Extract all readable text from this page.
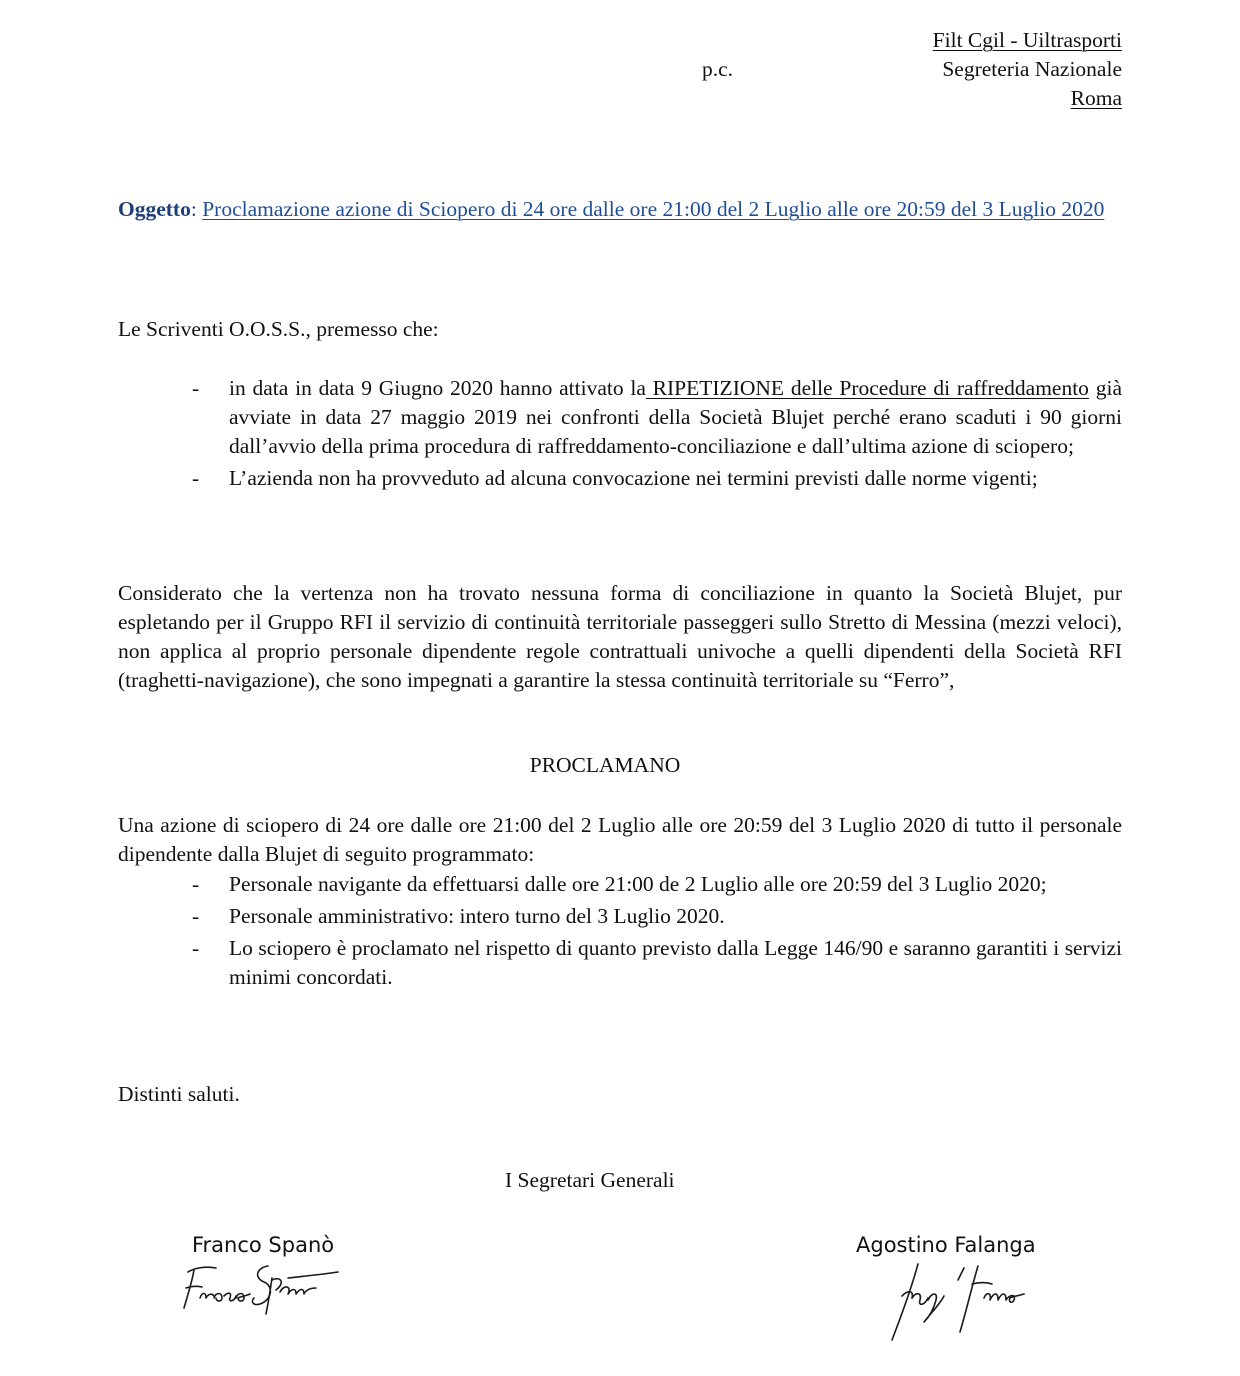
Filt Cgil - Uiltrasporti
Segreteria Nazionale
Roma
p.c.
Oggetto: Proclamazione azione di Sciopero di 24 ore dalle ore 21:00 del 2 Luglio alle ore 20:59 del 3 Luglio 2020
Le Scriventi O.O.S.S., premesso che:
- in data in data 9 Giugno 2020 hanno attivato la RIPETIZIONE delle Procedure di raffreddamento già avviate in data 27 maggio 2019 nei confronti della Società Blujet perché erano scaduti i 90 giorni dall’avvio della prima procedura di raffreddamento-conciliazione e dall’ultima azione di sciopero;
- L’azienda non ha provveduto ad alcuna convocazione nei termini previsti dalle norme vigenti;
Considerato che la vertenza non ha trovato nessuna forma di conciliazione in quanto la Società Blujet, pur espletando per il Gruppo RFI il servizio di continuità territoriale passeggeri sullo Stretto di Messina (mezzi veloci), non applica al proprio personale dipendente regole contrattuali univoche a quelli dipendenti della Società RFI (traghetti-navigazione), che sono impegnati a garantire la stessa continuità territoriale su “Ferro”,
PROCLAMANO
Una azione di sciopero di 24 ore dalle ore 21:00 del 2 Luglio alle ore 20:59 del 3 Luglio 2020 di tutto il personale dipendente dalla Blujet di seguito programmato:
- Personale navigante da effettuarsi dalle ore 21:00 de 2 Luglio alle ore 20:59 del 3 Luglio 2020;
- Personale amministrativo: intero turno del 3 Luglio 2020.
- Lo sciopero è proclamato nel rispetto di quanto previsto dalla Legge 146/90 e saranno garantiti i servizi minimi concordati.
Distinti saluti.
I Segretari Generali
Franco Spanò	Agostino Falanga
